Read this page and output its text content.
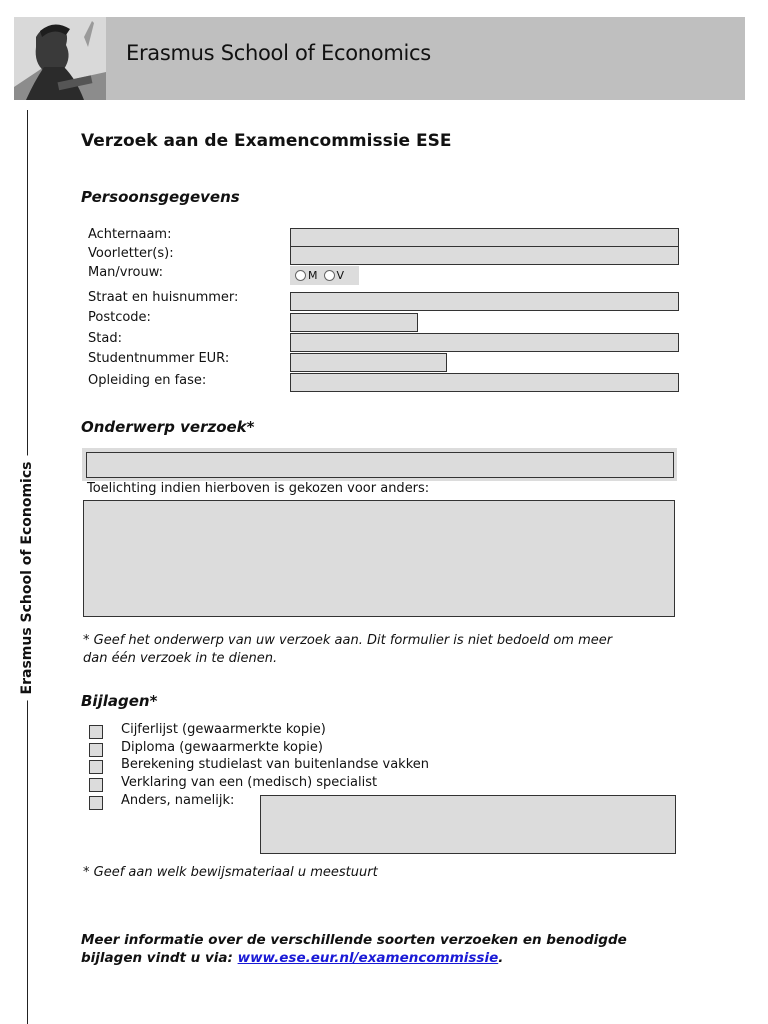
Erasmus School of Economics
Erasmus School of Economics
Verzoek aan de Examencommissie ESE
Persoonsgegevens
Achternaam:
Voorletter(s):
Man/vrouw:	M V
Straat en huisnummer:
Postcode:
Stad:
Studentnummer EUR:
Opleiding en fase:
Onderwerp verzoek*
Toelichting indien hierboven is gekozen voor anders:
* Geef het onderwerp van uw verzoek aan. Dit formulier is niet bedoeld om meer
dan één verzoek in te dienen.
Bijlagen*
Cijferlijst (gewaarmerkte kopie)
Diploma (gewaarmerkte kopie)
Berekening studielast van buitenlandse vakken
Verklaring van een (medisch) specialist
Anders, namelijk:
* Geef aan welk bewijsmateriaal u meestuurt
Meer informatie over de verschillende soorten verzoeken en benodigde
bijlagen vindt u via: www.ese.eur.nl/examencommissie.
